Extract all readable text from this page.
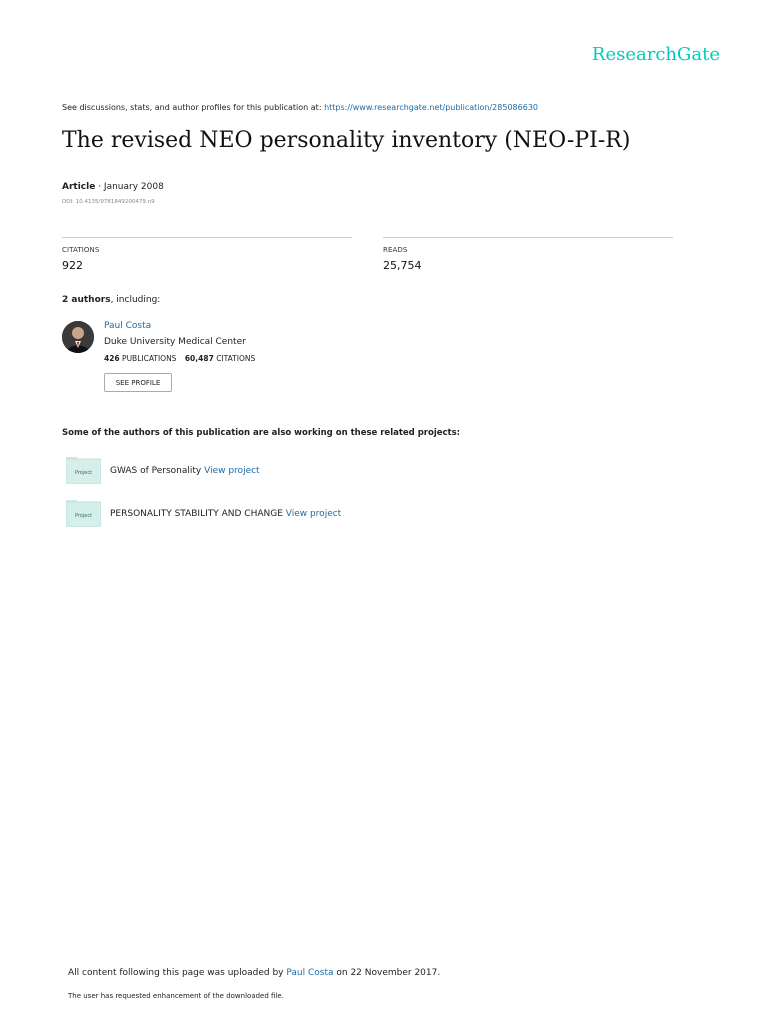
ResearchGate
See discussions, stats, and author profiles for this publication at: https://www.researchgate.net/publication/285086630
The revised NEO personality inventory (NEO-PI-R)
Article · January 2008
DOI: 10.4135/9781849200479.n9
CITATIONS
922
READS
25,754
2 authors, including:
Paul Costa
Duke University Medical Center
426 PUBLICATIONS 60,487 CITATIONS
SEE PROFILE
Some of the authors of this publication are also working on these related projects:
Project GWAS of Personality View project
Project PERSONALITY STABILITY AND CHANGE View project
All content following this page was uploaded by Paul Costa on 22 November 2017.
The user has requested enhancement of the downloaded file.
